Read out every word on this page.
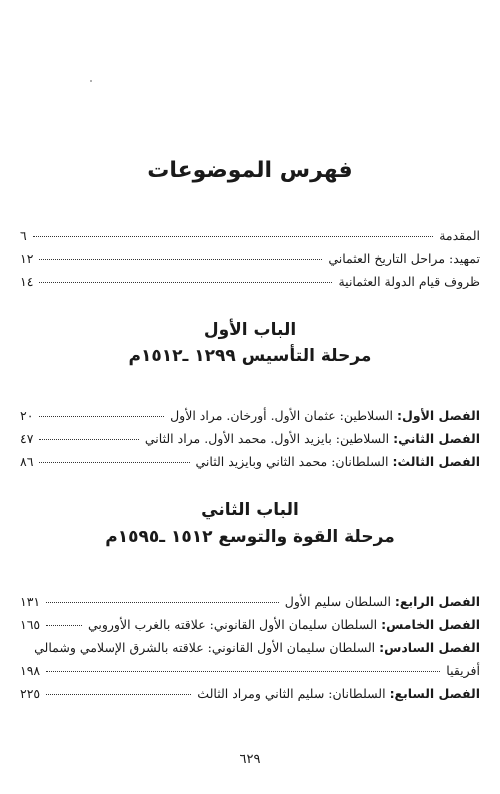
فهرس الموضوعات
المقدمة
٦
تمهيد: مراحل التاريخ العثماني
١٢
ظروف قيام الدولة العثمانية
١٤
الباب الأول
مرحلة التأسيس ١٢٩٩ ـ١٥١٢م
الفصل الأول: السلاطين: عثمان الأول. أورخان. مراد الأول
٢٠
الفصل الثاني: السلاطين: بايزيد الأول. محمد الأول. مراد الثاني
٤٧
الفصل الثالث: السلطانان: محمد الثاني وبايزيد الثاني
٨٦
الباب الثاني
مرحلة القوة والتوسع ١٥١٢ ـ١٥٩٥م
الفصل الرابع: السلطان سليم الأول
١٣١
الفصل الخامس: السلطان سليمان الأول القانوني: علاقته بالغرب الأوروبي
١٦٥
الفصل السادس: السلطان سليمان الأول القانوني: علاقته بالشرق الإسلامي وشمالي
أفريقيا
١٩٨
الفصل السابع: السلطانان: سليم الثاني ومراد الثالث
٢٢٥
٦٢٩
